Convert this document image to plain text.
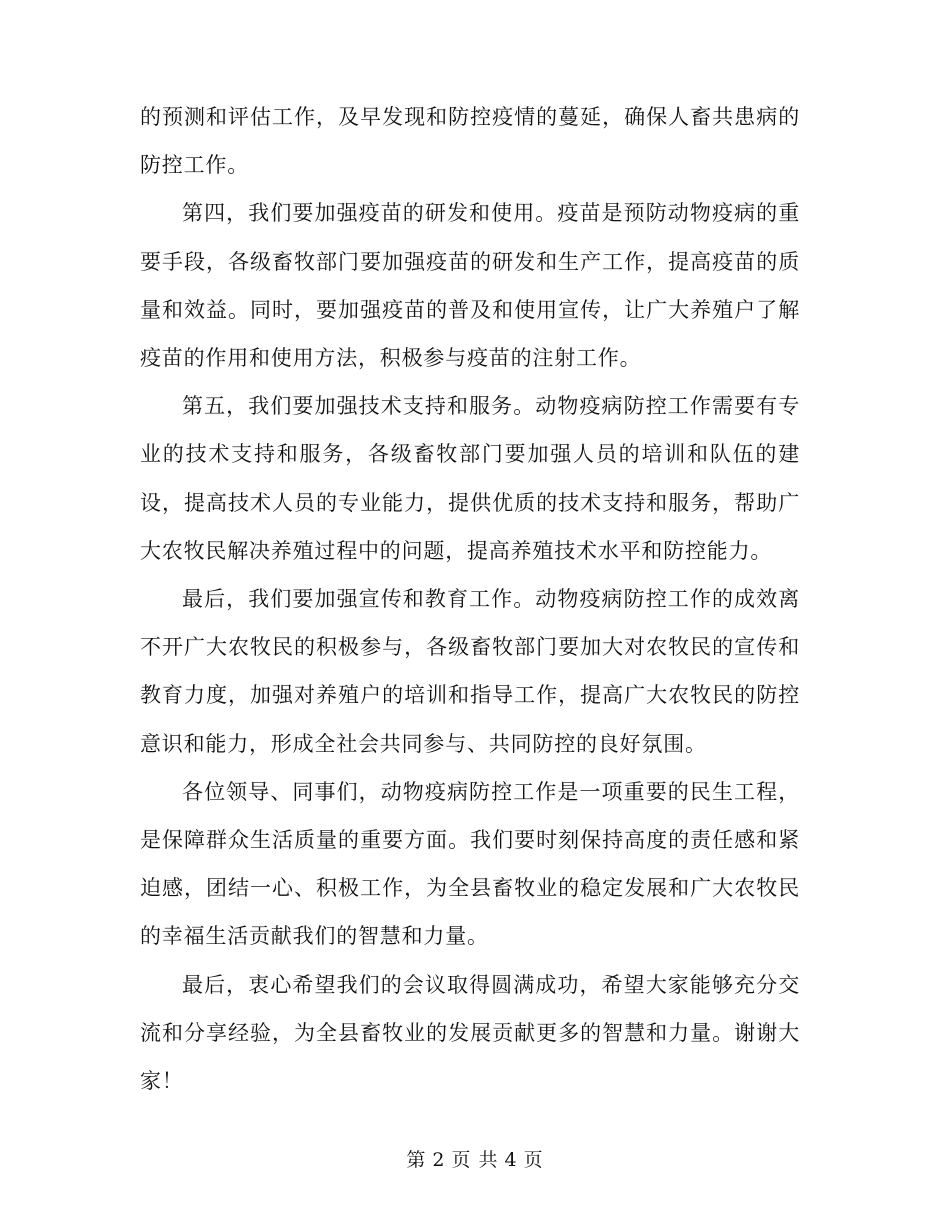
的预测和评估工作，及早发现和防控疫情的蔓延，确保人畜共患病的防控工作。

第四，我们要加强疫苗的研发和使用。疫苗是预防动物疫病的重要手段，各级畜牧部门要加强疫苗的研发和生产工作，提高疫苗的质量和效益。同时，要加强疫苗的普及和使用宣传，让广大养殖户了解疫苗的作用和使用方法，积极参与疫苗的注射工作。

第五，我们要加强技术支持和服务。动物疫病防控工作需要有专业的技术支持和服务，各级畜牧部门要加强人员的培训和队伍的建设，提高技术人员的专业能力，提供优质的技术支持和服务，帮助广大农牧民解决养殖过程中的问题，提高养殖技术水平和防控能力。

最后，我们要加强宣传和教育工作。动物疫病防控工作的成效离不开广大农牧民的积极参与，各级畜牧部门要加大对农牧民的宣传和教育力度，加强对养殖户的培训和指导工作，提高广大农牧民的防控意识和能力，形成全社会共同参与、共同防控的良好氛围。

各位领导、同事们，动物疫病防控工作是一项重要的民生工程，是保障群众生活质量的重要方面。我们要时刻保持高度的责任感和紧迫感，团结一心、积极工作，为全县畜牧业的稳定发展和广大农牧民的幸福生活贡献我们的智慧和力量。

最后，衷心希望我们的会议取得圆满成功，希望大家能够充分交流和分享经验，为全县畜牧业的发展贡献更多的智慧和力量。谢谢大家！

第 2 页 共 4 页
